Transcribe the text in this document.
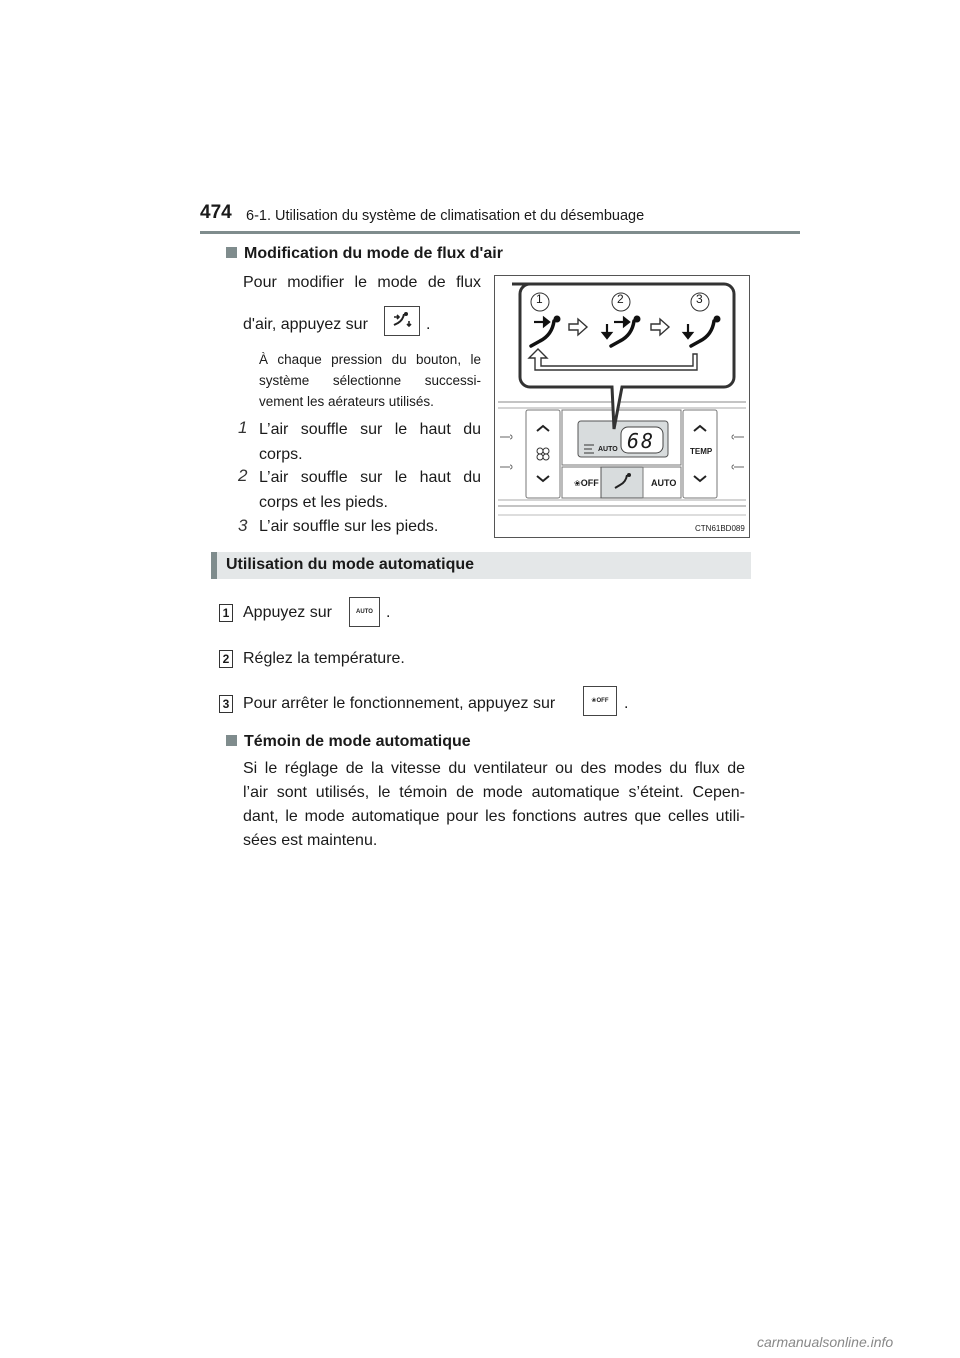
474 6-1. Utilisation du système de climatisation et du désembuage
Modification du mode de flux d'air
Pour modifier le mode de flux
d'air, appuyez sur	.
À chaque pression du bouton, le
système sélectionne successi-
vement les aérateurs utilisés.
1 L’air souffle sur le haut du
corps.
2 L’air souffle sur le haut du
corps et les pieds.
3 L’air souffle sur les pieds.
1	2	3
68
AUTO
❀OFF	AUTO
TEMP
CTN61BD089
Utilisation du mode automatique
1 Appuyez sur	AUTO .
2 Réglez la température.
3 Pour arrêter le fonctionnement, appuyez sur	❀OFF .
Témoin de mode automatique
Si le réglage de la vitesse du ventilateur ou des modes du flux de
l’air sont utilisés, le témoin de mode automatique s’éteint. Cepen-
dant, le mode automatique pour les fonctions autres que celles utili-
sées est maintenu.
carmanualsonline.info
